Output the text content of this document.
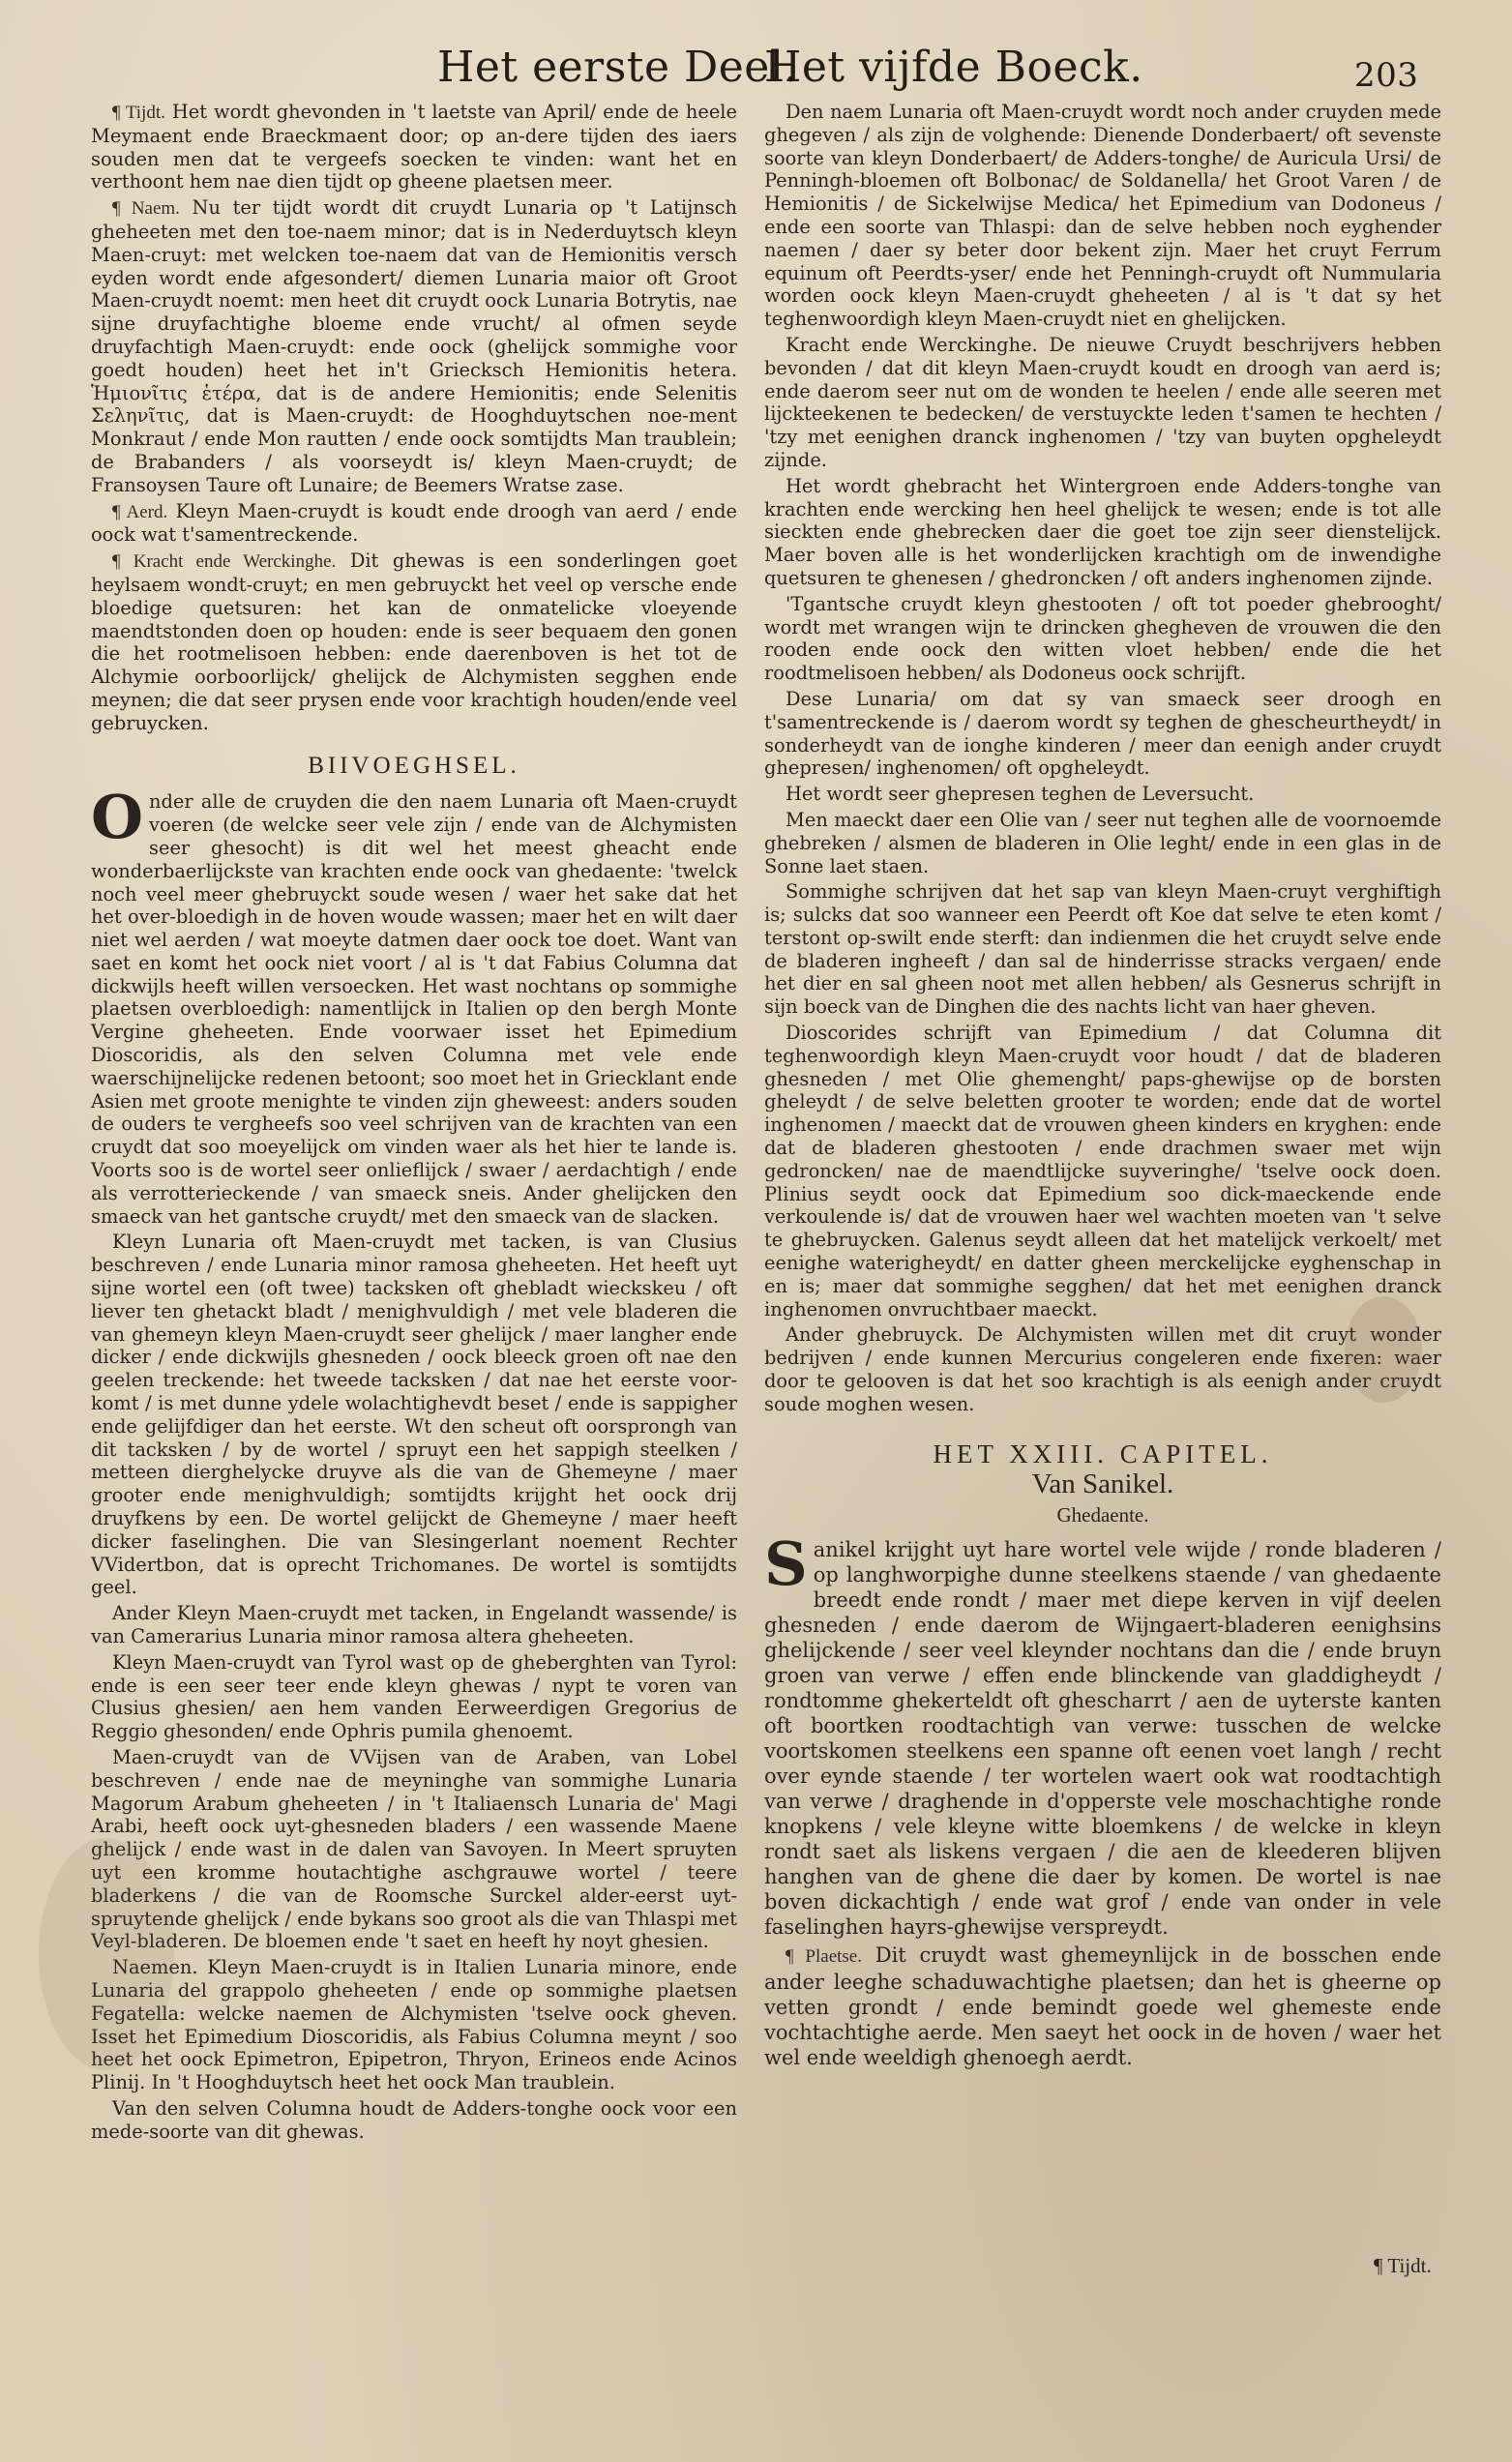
Het eerste Deel.
Het vijfde Boeck.	203

¶ Tijdt. Het wordt ghevonden in 't laetste van April/ ende de heele Meymaent ende Braeckmaent door; op an-dere tijden des iaers souden men dat te vergeefs soecken te vinden: want het en verthoont hem nae dien tijdt op gheene plaetsen meer.

¶ Naem. Nu ter tijdt wordt dit cruydt Lunaria op 't Latijnsch gheheeten met den toe-naem minor; dat is in Nederduytsch kleyn Maen-cruyt: met welcken toe-naem dat van de Hemionitis versch eyden wordt ende afgesondert/ diemen Lunaria maior oft Groot Maen-cruydt noemt: men heet dit cruydt oock Lunaria Botrytis, nae sijne druyfachtighe bloeme ende vrucht/ al ofmen seyde druyfachtigh Maen-cruydt: ende oock (ghelijck sommighe voor goedt houden) heet het in't Griecksch Hemionitis hetera. Ἡμιονῖτις ἑτέρα, dat is de andere Hemionitis; ende Selenitis Σεληνῖτις, dat is Maen-cruydt: de Hooghduytschen noe-ment Monkraut / ende Mon rautten / ende oock somtijdts Man traublein; de Brabanders / als voorseydt is/ kleyn Maen-cruydt; de Fransoysen Taure oft Lunaire; de Beemers Wratse zase.

¶ Aerd. Kleyn Maen-cruydt is koudt ende droogh van aerd / ende oock wat t'samentreckende.

¶ Kracht ende Werckinghe. Dit ghewas is een sonderlingen goet heylsaem wondt-cruyt; en men gebruyckt het veel op versche ende bloedige quetsuren: het kan de onmatelicke vloeyende maendtstonden doen op houden: ende is seer bequaem den gonen die het rootmelisoen hebben: ende daerenboven is het tot de Alchymie oorboorlijck/ ghelijck de Alchymisten segghen ende meynen; die dat seer prysen ende voor krachtigh houden/ende veel gebruycken.

BIIVOEGHSEL.

Onder alle de cruyden die den naem Lunaria oft Maen-cruydt voeren (de welcke seer vele zijn / ende van de Alchymisten seer ghesocht) is dit wel het meest gheacht ende wonderbaerlijckste van krachten ende oock van ghedaente: 'twelck noch veel meer ghebruyckt soude wesen / waer het sake dat het het over-bloedigh in de hoven woude wassen; maer het en wilt daer niet wel aerden / wat moeyte datmen daer oock toe doet. Want van saet en komt het oock niet voort / al is 't dat Fabius Columna dat dickwijls heeft willen versoecken. Het wast nochtans op sommighe plaetsen overbloedigh: namentlijck in Italien op den bergh Monte Vergine gheheeten. Ende voorwaer isset het Epimedium Dioscoridis, als den selven Columna met vele ende waerschijnelijcke redenen betoont; soo moet het in Griecklant ende Asien met groote menighte te vinden zijn gheweest: anders souden de ouders te vergheefs soo veel schrijven van de krachten van een cruydt dat soo moeyelijck om vinden waer als het hier te lande is. Voorts soo is de wortel seer onlieflijck / swaer / aerdachtigh / ende als verrotterieckende / van smaeck sneis. Ander ghelijcken den smaeck van het gantsche cruydt/ met den smaeck van de slacken.

Kleyn Lunaria oft Maen-cruydt met tacken, is van Clusius beschreven / ende Lunaria minor ramosa gheheeten. Het heeft uyt sijne wortel een (oft twee) tacksken oft ghebladt wieckskeu / oft liever ten ghetackt bladt / menighvuldigh / met vele bladeren die van ghemeyn kleyn Maen-cruydt seer ghelijck / maer langher ende dicker / ende dickwijls ghesneden / oock bleeck groen oft nae den geelen treckende: het tweede tacksken / dat nae het eerste voor-komt / is met dunne ydele wolachtighevdt beset / ende is sappigher ende gelijfdiger dan het eerste. Wt den scheut oft oorsprongh van dit tacksken / by de wortel / spruyt een het sappigh steelken / metteen dierghelycke druyve als die van de Ghemeyne / maer grooter ende menighvuldigh; somtijdts krijght het oock drij druyfkens by een. De wortel gelijckt de Ghemeyne / maer heeft dicker faselinghen. Die van Slesingerlant noement Rechter VVidertbon, dat is oprecht Trichomanes. De wortel is somtijdts geel.

Ander Kleyn Maen-cruydt met tacken, in Engelandt wassende/ is van Camerarius Lunaria minor ramosa altera gheheeten.

Kleyn Maen-cruydt van Tyrol wast op de gheberghten van Tyrol: ende is een seer teer ende kleyn ghewas / nypt te voren van Clusius ghesien/ aen hem vanden Eerweerdigen Gregorius de Reggio ghesonden/ ende Ophris pumila ghenoemt.

Maen-cruydt van de VVijsen van de Araben, van Lobel beschreven / ende nae de meyninghe van sommighe Lunaria Magorum Arabum gheheeten / in 't Italiaensch Lunaria de' Magi Arabi, heeft oock uyt-ghesneden bladers / een wassende Maene ghelijck / ende wast in de dalen van Savoyen. In Meert spruyten uyt een kromme houtachtighe aschgrauwe wortel / teere bladerkens / die van de Roomsche Surckel alder-eerst uyt-spruytende ghelijck / ende bykans soo groot als die van Thlaspi met Veyl-bladeren. De bloemen ende 't saet en heeft hy noyt ghesien.

Naemen. Kleyn Maen-cruydt is in Italien Lunaria minore, ende Lunaria del grappolo gheheeten / ende op sommighe plaetsen Fegatella: welcke naemen de Alchymisten 'tselve oock gheven. Isset het Epimedium Dioscoridis, als Fabius Columna meynt / soo heet het oock Epimetron, Epipetron, Thryon, Erineos ende Acinos Plinij. In 't Hooghduytsch heet het oock Man traublein.

Van den selven Columna houdt de Adders-tonghe oock voor een mede-soorte van dit ghewas.

Den naem Lunaria oft Maen-cruydt wordt noch ander cruyden mede ghegeven / als zijn de volghende: Dienende Donderbaert/ oft sevenste soorte van kleyn Donderbaert/ de Adders-tonghe/ de Auricula Ursi/ de Penningh-bloemen oft Bolbonac/ de Soldanella/ het Groot Varen / de Hemionitis / de Sickelwijse Medica/ het Epimedium van Dodoneus / ende een soorte van Thlaspi: dan de selve hebben noch eyghender naemen / daer sy beter door bekent zijn. Maer het cruyt Ferrum equinum oft Peerdts-yser/ ende het Penningh-cruydt oft Nummularia worden oock kleyn Maen-cruydt gheheeten / al is 't dat sy het teghenwoordigh kleyn Maen-cruydt niet en ghelijcken.

Kracht ende Werckinghe. De nieuwe Cruydt beschrijvers hebben bevonden / dat dit kleyn Maen-cruydt koudt en droogh van aerd is; ende daerom seer nut om de wonden te heelen / ende alle seeren met lijckteekenen te bedecken/ de verstuyckte leden t'samen te hechten / 'tzy met eenighen dranck inghenomen / 'tzy van buyten opgheleydt zijnde.

Het wordt ghebracht het Wintergroen ende Adders-tonghe van krachten ende wercking hen heel ghelijck te wesen; ende is tot alle sieckten ende ghebrecken daer die goet toe zijn seer dienstelijck. Maer boven alle is het wonderlijcken krachtigh om de inwendighe quetsuren te ghenesen / ghedroncken / oft anders inghenomen zijnde.

'Tgantsche cruydt kleyn ghestooten / oft tot poeder ghebrooght/ wordt met wrangen wijn te drincken ghegheven de vrouwen die den rooden ende oock den witten vloet hebben/ ende die het roodtmelisoen hebben/ als Dodoneus oock schrijft.

Dese Lunaria/ om dat sy van smaeck seer droogh en t'samentreckende is / daerom wordt sy teghen de ghescheurtheydt/ in sonderheydt van de ionghe kinderen / meer dan eenigh ander cruydt ghepresen/ inghenomen/ oft opgheleydt.

Het wordt seer ghepresen teghen de Leversucht.

Men maeckt daer een Olie van / seer nut teghen alle de voornoemde ghebreken / alsmen de bladeren in Olie leght/ ende in een glas in de Sonne laet staen.

Sommighe schrijven dat het sap van kleyn Maen-cruyt verghiftigh is; sulcks dat soo wanneer een Peerdt oft Koe dat selve te eten komt / terstont op-swilt ende sterft: dan indienmen die het cruydt selve ende de bladeren ingheeft / dan sal de hinderrisse stracks vergaen/ ende het dier en sal gheen noot met allen hebben/ als Gesnerus schrijft in sijn boeck van de Dinghen die des nachts licht van haer gheven.

Dioscorides schrijft van Epimedium / dat Columna dit teghenwoordigh kleyn Maen-cruydt voor houdt / dat de bladeren ghesneden / met Olie ghemenght/ paps-ghewijse op de borsten gheleydt / de selve beletten grooter te worden; ende dat de wortel inghenomen / maeckt dat de vrouwen gheen kinders en kryghen: ende dat de bladeren ghestooten / ende drachmen swaer met wijn gedroncken/ nae de maendtlijcke suyveringhe/ 'tselve oock doen. Plinius seydt oock dat Epimedium soo dick-maeckende ende verkoulende is/ dat de vrouwen haer wel wachten moeten van 't selve te ghebruycken. Galenus seydt alleen dat het matelijck verkoelt/ met eenighe waterigheydt/ en datter gheen merckelijcke eyghenschap in en is; maer dat sommighe segghen/ dat het met eenighen dranck inghenomen onvruchtbaer maeckt.

Ander ghebruyck. De Alchymisten willen met dit cruyt wonder bedrijven / ende kunnen Mercurius congeleren ende fixeren: waer door te gelooven is dat het soo krachtigh is als eenigh ander cruydt soude moghen wesen.

HET XXIII. CAPITEL.
Van Sanikel.
Ghedaente.

Sanikel krijght uyt hare wortel vele wijde / ronde bladeren / op langhworpighe dunne steelkens staende / van ghedaente breedt ende rondt / maer met diepe kerven in vijf deelen ghesneden / ende daerom de Wijngaert-bladeren eenighsins ghelijckende / seer veel kleynder nochtans dan die / ende bruyn groen van verwe / effen ende blinckende van gladdigheydt / rondtomme ghekerteldt oft ghescharrt / aen de uyterste kanten oft boortken roodtachtigh van verwe: tusschen de welcke voortskomen steelkens een spanne oft eenen voet langh / recht over eynde staende / ter wortelen waert ook wat roodtachtigh van verwe / draghende in d'opperste vele moschachtighe ronde knopkens / vele kleyne witte bloemkens / de welcke in kleyn rondt saet als liskens vergaen / die aen de kleederen blijven hanghen van de ghene die daer by komen. De wortel is nae boven dickachtigh / ende wat grof / ende van onder in vele faselinghen hayrs-ghewijse verspreydt.

¶ Plaetse. Dit cruydt wast ghemeynlijck in de bosschen ende ander leeghe schaduwachtighe plaetsen; dan het is gheerne op vetten grondt / ende bemindt goede wel ghemeste ende vochtachtighe aerde. Men saeyt het oock in de hoven / waer het wel ende weeldigh ghenoegh aerdt.

¶ Tijdt.
